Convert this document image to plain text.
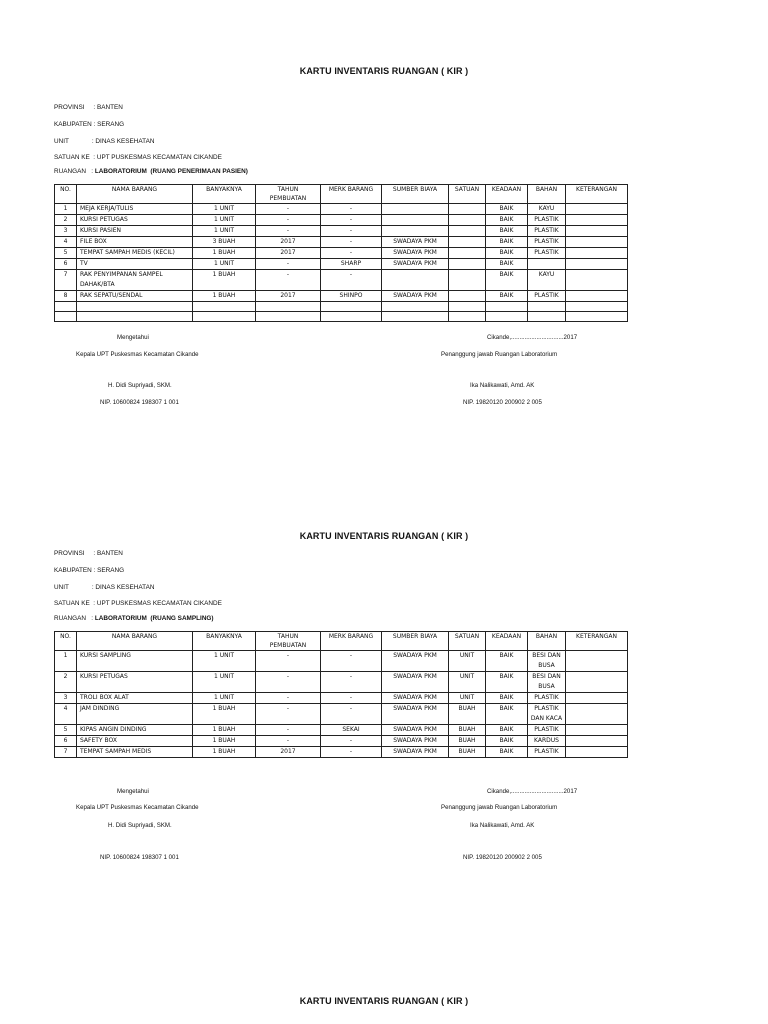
KARTU INVENTARIS RUANGAN ( KIR )
PROVINSI     : BANTEN
KABUPATEN : SERANG
UNIT             : DINAS KESEHATAN
SATUAN KE  : UPT PUSKESMAS KECAMATAN CIKANDE
RUANGAN   : LABORATORIUM  (RUANG PENERIMAAN PASIEN)
NO.	NAMA BARANG	BANYAKNYA	TAHUN PEMBUATAN	MERK BARANG	SUMBER BIAYA	SATUAN	KEADAAN	BAHAN	KETERANGAN
1	MEJA KERJA/TULIS	1 UNIT	-	-			BAIK	KAYU	
2	KURSI PETUGAS	1 UNIT	-	-			BAIK	PLASTIK	
3	KURSI PASIEN	1 UNIT	-	-			BAIK	PLASTIK	
4	FILE BOX	3 BUAH	2017	-	SWADAYA PKM		BAIK	PLASTIK	
5	TEMPAT SAMPAH MEDIS (KECIL)	1 BUAH	2017	-	SWADAYA PKM		BAIK	PLASTIK	
6	TV	1 UNIT	-	SHARP	SWADAYA PKM		BAIK		
7	RAK PENYIMPANAN SAMPEL DAHAK/BTA	1 BUAH	-	-			BAIK	KAYU	
8	RAK SEPATU/SENDAL	1 BUAH	2017	SHINPO	SWADAYA PKM		BAIK	PLASTIK	

Mengetahui	Cikande,...............................2017
Kepala UPT Puskesmas Kecamatan Cikande	Penanggung jawab Ruangan Laboratorium
H. Didi Supriyadi, SKM.	Ika Nalikawati, Amd. AK
NIP. 10600824 198307 1 001	NIP. 19820120 200902 2 005
KARTU INVENTARIS RUANGAN ( KIR )
PROVINSI     : BANTEN
KABUPATEN : SERANG
UNIT             : DINAS KESEHATAN
SATUAN KE  : UPT PUSKESMAS KECAMATAN CIKANDE
RUANGAN   : LABORATORIUM  (RUANG SAMPLING)
NO.	NAMA BARANG	BANYAKNYA	TAHUN PEMBUATAN	MERK BARANG	SUMBER BIAYA	SATUAN	KEADAAN	BAHAN	KETERANGAN
1	KURSI SAMPLING	1 UNIT	-	-	SWADAYA PKM	UNIT	BAIK	BESI DAN BUSA	
2	KURSI PETUGAS	1 UNIT	-	-	SWADAYA PKM	UNIT	BAIK	BESI DAN BUSA	
3	TROLI BOX ALAT	1 UNIT	-	-	SWADAYA PKM	UNIT	BAIK	PLASTIK	
4	JAM DINDING	1 BUAH	-	-	SWADAYA PKM	BUAH	BAIK	PLASTIK DAN KACA	
5	KIPAS ANGIN DINDING	1 BUAH	-	SEKAI	SWADAYA PKM	BUAH	BAIK	PLASTIK	
6	SAFETY BOX	1 BUAH	-	-	SWADAYA PKM	BUAH	BAIK	KARDUS	
7	TEMPAT SAMPAH MEDIS	1 BUAH	2017	-	SWADAYA PKM	BUAH	BAIK	PLASTIK	
Mengetahui	Cikande,...............................2017
Kepala UPT Puskesmas Kecamatan Cikande	Penanggung jawab Ruangan Laboratorium
H. Didi Supriyadi, SKM.	Ika Nalikawati, Amd. AK
NIP. 10600824 198307 1 001	NIP. 19820120 200902 2 005
KARTU INVENTARIS RUANGAN ( KIR )
